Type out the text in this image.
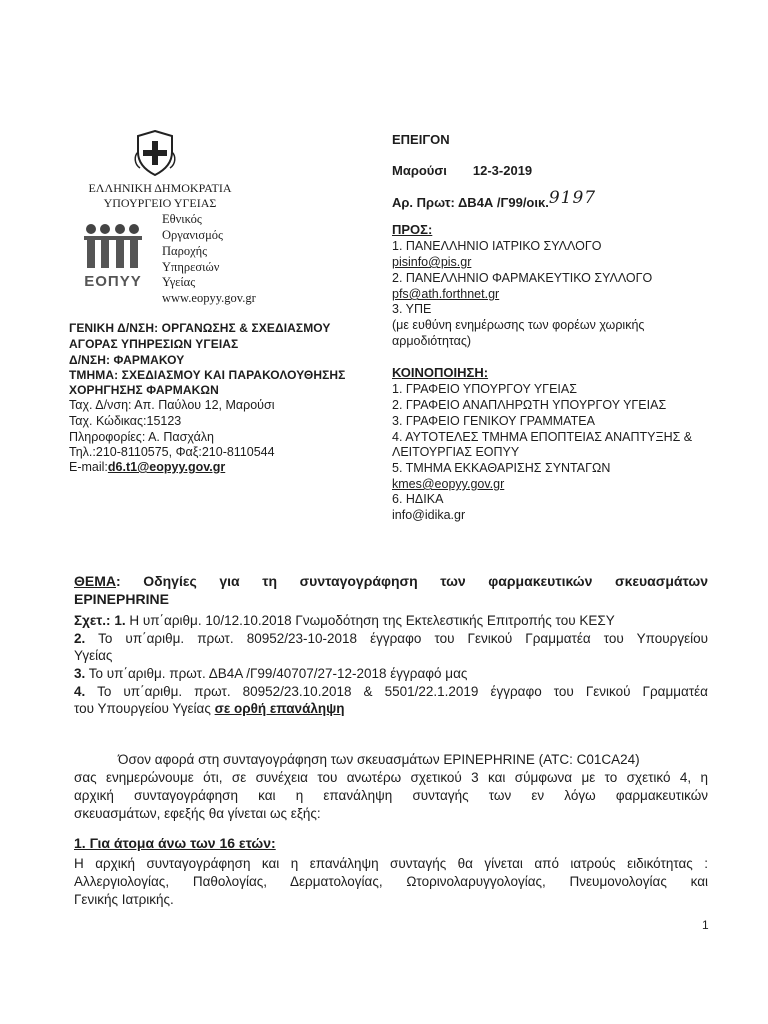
ΕΛΛΗΝΙΚΗ ΔΗΜΟΚΡΑΤΙΑ
ΥΠΟΥΡΓΕΙΟ ΥΓΕΙΑΣ
ΕΟΠΥΥ
Εθνικός
Οργανισμός
Παροχής
Υπηρεσιών
Υγείας
www.eopyy.gov.gr
ΓΕΝΙΚΗ Δ/ΝΣΗ: ΟΡΓΑΝΩΣΗΣ & ΣΧΕΔΙΑΣΜΟΥ
ΑΓΟΡΑΣ ΥΠΗΡΕΣΙΩΝ ΥΓΕΙΑΣ
Δ/ΝΣΗ: ΦΑΡΜΑΚΟΥ
ΤΜΗΜΑ: ΣΧΕΔΙΑΣΜΟΥ ΚΑΙ ΠΑΡΑΚΟΛΟΥΘΗΣΗΣ
ΧΟΡΗΓΗΣΗΣ ΦΑΡΜΑΚΩΝ
Ταχ. Δ/νση: Απ. Παύλου 12, Μαρούσι
Ταχ. Κώδικας:15123
Πληροφορίες: Α. Πασχάλη
Τηλ.:210-8110575, Φαξ:210-8110544
E-mail:d6.t1@eopyy.gov.gr
ΕΠΕΙΓΟΝ
Μαρούσι 12-3-2019
Αρ. Πρωτ: ΔΒ4Α /Γ99/οικ.9197
ΠΡΟΣ:
1. ΠΑΝΕΛΛΗΝΙΟ ΙΑΤΡΙΚΟ ΣΥΛΛΟΓΟ
pisinfo@pis.gr
2. ΠΑΝΕΛΛΗΝΙΟ ΦΑΡΜΑΚΕΥΤΙΚΟ ΣΥΛΛΟΓΟ
pfs@ath.forthnet.gr
3. ΥΠΕ
(με ευθύνη ενημέρωσης των φορέων χωρικής
αρμοδιότητας)
ΚΟΙΝΟΠΟΙΗΣΗ:
1. ΓΡΑΦΕΙΟ ΥΠΟΥΡΓΟΥ ΥΓΕΙΑΣ
2. ΓΡΑΦΕΙΟ ΑΝΑΠΛΗΡΩΤΗ ΥΠΟΥΡΓΟΥ ΥΓΕΙΑΣ
3. ΓΡΑΦΕΙΟ ΓΕΝΙΚΟΥ ΓΡΑΜΜΑΤΕΑ
4. ΑΥΤΟΤΕΛΕΣ ΤΜΗΜΑ ΕΠΟΠΤΕΙΑΣ ΑΝΑΠΤΥΞΗΣ &
ΛΕΙΤΟΥΡΓΙΑΣ ΕΟΠΥΥ
5. ΤΜΗΜΑ ΕΚΚΑΘΑΡΙΣΗΣ ΣΥΝΤΑΓΩΝ
kmes@eopyy.gov.gr
6. ΗΔΙΚΑ
info@idika.gr
ΘΕΜΑ: Οδηγίες για τη συνταγογράφηση των φαρμακευτικών σκευασμάτων
EPINEPHRINE
Σχετ.: 1. Η υπ΄αριθμ. 10/12.10.2018 Γνωμοδότηση της Εκτελεστικής Επιτροπής του ΚΕΣΥ
2. Το υπ΄αριθμ. πρωτ. 80952/23-10-2018 έγγραφο του Γενικού Γραμματέα του Υπουργείου
Υγείας
3. Το υπ΄αριθμ. πρωτ. ΔΒ4Α /Γ99/40707/27-12-2018 έγγραφό μας
4. Το υπ΄αριθμ. πρωτ. 80952/23.10.2018 & 5501/22.1.2019 έγγραφο του Γενικού Γραμματέα
του Υπουργείου Υγείας σε ορθή επανάληψη
Όσον αφορά στη συνταγογράφηση των σκευασμάτων EPINEPHRINE (ATC: C01CA24)
σας ενημερώνουμε ότι, σε συνέχεια του ανωτέρω σχετικού 3 και σύμφωνα με το σχετικό 4, η
αρχική συνταγογράφηση και η επανάληψη συνταγής των εν λόγω φαρμακευτικών
σκευασμάτων, εφεξής θα γίνεται ως εξής:
1. Για άτομα άνω των 16 ετών:
Η αρχική συνταγογράφηση και η επανάληψη συνταγής θα γίνεται από ιατρούς ειδικότητας :
Αλλεργιολογίας, Παθολογίας, Δερματολογίας, Ωτορινολαρυγγολογίας, Πνευμονολογίας και
Γενικής Ιατρικής.
1
